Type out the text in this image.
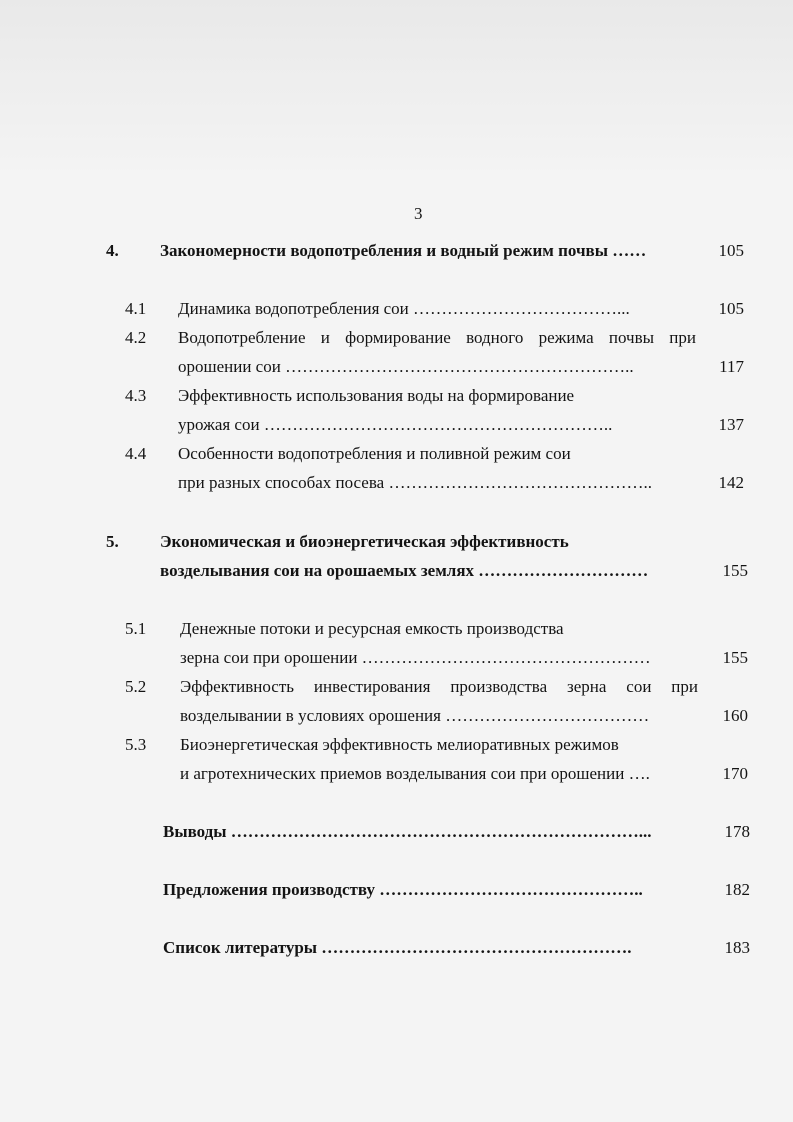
3
4. Закономерности водопотребления и водный режим почвы ……	105
4.1 Динамика водопотребления сои ………………………………...	105
4.2 Водопотребление и формирование водного режима почвы при
орошении сои ……………………………………………………..	117
4.3 Эффективность использования воды на формирование
урожая сои ……………………………………………………..	137
4.4 Особенности водопотребления и поливной режим сои
при разных способах посева ………………………………………..	142
5. Экономическая и биоэнергетическая эффективность
возделывания сои на орошаемых землях …………………………	155
5.1 Денежные потоки и ресурсная емкость производства
зерна сои при орошении ……………………………………………	155
5.2 Эффективность инвестирования производства зерна сои при
возделывании в условиях орошения ………………………………	160
5.3 Биоэнергетическая эффективность мелиоративных режимов
и агротехнических приемов возделывания сои при орошении ….	170
Выводы ………………………………………………………………...	178
Предложения производству ………………………………………..	182
Список литературы ……………………………………………….	183
